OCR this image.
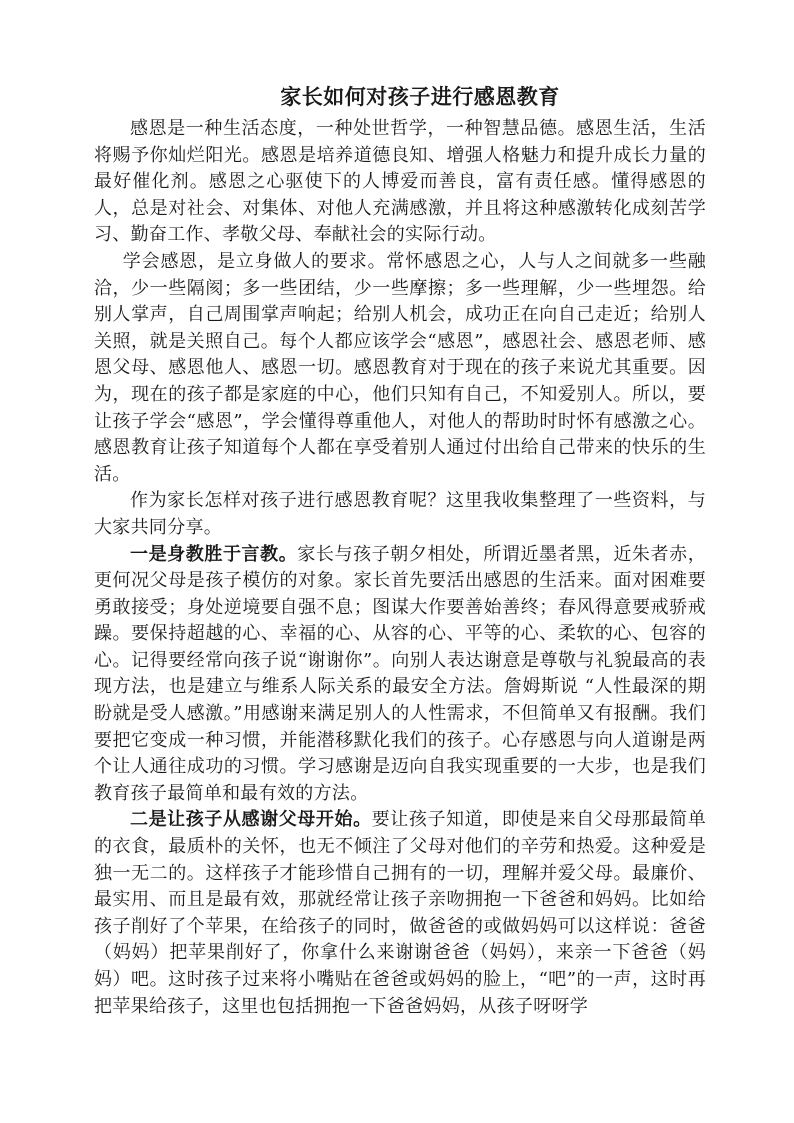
家长如何对孩子进行感恩教育

感恩是一种生活态度，一种处世哲学，一种智慧品德。感恩生活，生活将赐予你灿烂阳光。感恩是培养道德良知、增强人格魅力和提升成长力量的最好催化剂。感恩之心驱使下的人博爱而善良，富有责任感。懂得感恩的人，总是对社会、对集体、对他人充满感激，并且将这种感激转化成刻苦学习、勤奋工作、孝敬父母、奉献社会的实际行动。

学会感恩，是立身做人的要求。常怀感恩之心，人与人之间就多一些融洽，少一些隔阂；多一些团结，少一些摩擦；多一些理解，少一些埋怨。给别人掌声，自己周围掌声响起；给别人机会，成功正在向自己走近；给别人关照，就是关照自己。每个人都应该学会“感恩”，感恩社会、感恩老师、感恩父母、感恩他人、感恩一切。感恩教育对于现在的孩子来说尤其重要。因为，现在的孩子都是家庭的中心，他们只知有自己，不知爱别人。所以，要让孩子学会“感恩”，学会懂得尊重他人，对他人的帮助时时怀有感激之心。感恩教育让孩子知道每个人都在享受着别人通过付出给自己带来的快乐的生活。

作为家长怎样对孩子进行感恩教育呢？这里我收集整理了一些资料，与大家共同分享。

一是身教胜于言教。家长与孩子朝夕相处，所谓近墨者黑，近朱者赤，更何况父母是孩子模仿的对象。家长首先要活出感恩的生活来。面对困难要勇敢接受；身处逆境要自强不息；图谋大作要善始善终；春风得意要戒骄戒躁。要保持超越的心、幸福的心、从容的心、平等的心、柔软的心、包容的心。记得要经常向孩子说“谢谢你”。向别人表达谢意是尊敬与礼貌最高的表现方法，也是建立与维系人际关系的最安全方法。詹姆斯说 “人性最深的期盼就是受人感激。”用感谢来满足别人的人性需求，不但简单又有报酬。我们要把它变成一种习惯，并能潜移默化我们的孩子。心存感恩与向人道谢是两个让人通往成功的习惯。学习感谢是迈向自我实现重要的一大步，也是我们教育孩子最简单和最有效的方法。

二是让孩子从感谢父母开始。要让孩子知道，即使是来自父母那最简单的衣食，最质朴的关怀，也无不倾注了父母对他们的辛劳和热爱。这种爱是独一无二的。这样孩子才能珍惜自己拥有的一切，理解并爱父母。最廉价、最实用、而且是最有效，那就经常让孩子亲吻拥抱一下爸爸和妈妈。比如给孩子削好了个苹果，在给孩子的同时，做爸爸的或做妈妈可以这样说：爸爸（妈妈）把苹果削好了，你拿什么来谢谢爸爸（妈妈），来亲一下爸爸（妈妈）吧。这时孩子过来将小嘴贴在爸爸或妈妈的脸上，“吧”的一声，这时再把苹果给孩子，这里也包括拥抱一下爸爸妈妈，从孩子呀呀学
